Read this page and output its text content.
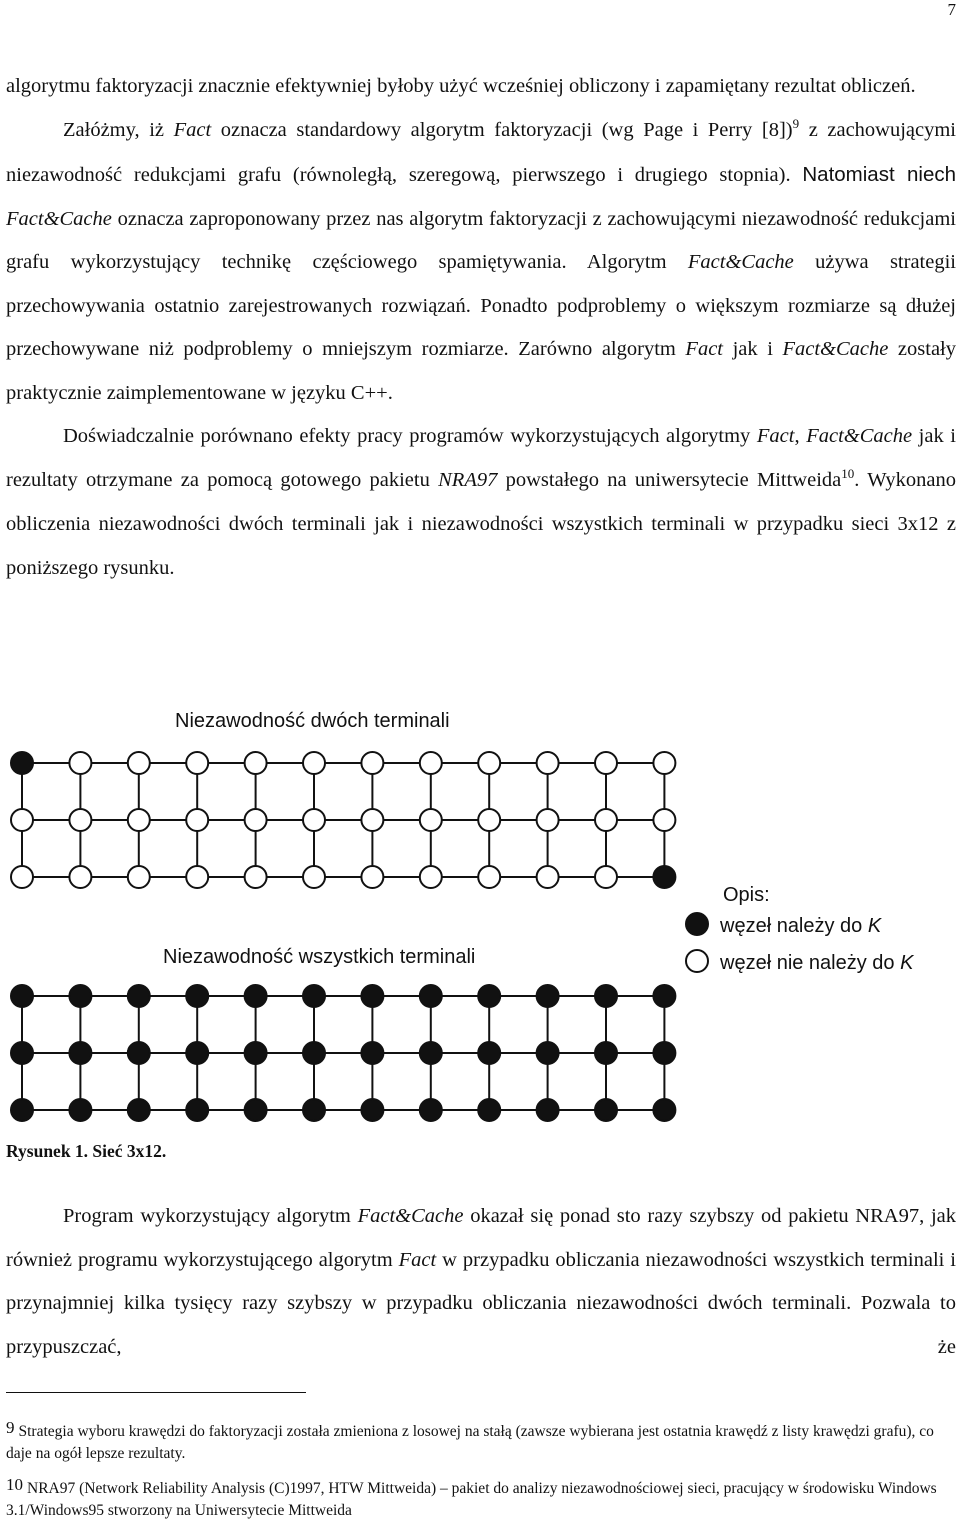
7

algorytmu faktoryzacji znacznie efektywniej byłoby użyć wcześniej obliczony i zapamiętany rezultat obliczeń.

Załóżmy, iż Fact oznacza standardowy algorytm faktoryzacji (wg Page i Perry [8])$^9$ z zachowującymi niezawodność redukcjami grafu (równoległą, szeregową, pierwszego i drugiego stopnia). Natomiast niech Fact&Cache oznacza zaproponowany przez nas algorytm faktoryzacji z zachowującymi niezawodność redukcjami grafu wykorzystujący technikę częściowego spamiętywania. Algorytm Fact&Cache używa strategii przechowywania ostatnio zarejestrowanych rozwiązań. Ponadto podproblemy o większym rozmiarze są dłużej przechowywane niż podproblemy o mniejszym rozmiarze. Zarówno algorytm Fact jak i Fact&Cache zostały praktycznie zaimplementowane w języku C++.

Doświadczalnie porównano efekty pracy programów wykorzystujących algorytmy Fact, Fact&Cache jak i rezultaty otrzymane za pomocą gotowego pakietu NRA97 powstałego na uniwersytecie Mittweida$^{10}$. Wykonano obliczenia niezawodności dwóch terminali jak i niezawodności wszystkich terminali w przypadku sieci 3x12 z poniższego rysunku.

Niezawodność dwóch terminali
Niezawodność wszystkich terminali
Opis:
węzeł należy do K
węzeł nie należy do K

Rysunek 1. Sieć 3x12.

Program wykorzystujący algorytm Fact&Cache okazał się ponad sto razy szybszy od pakietu NRA97, jak również programu wykorzystującego algorytm Fact w przypadku obliczania niezawodności wszystkich terminali i przynajmniej kilka tysięcy razy szybszy w przypadku obliczania niezawodności dwóch terminali. Pozwala to przypuszczać, że

9 Strategia wyboru krawędzi do faktoryzacji została zmieniona z losowej na stałą (zawsze wybierana jest ostatnia krawędź z listy krawędzi grafu), co daje na ogół lepsze rezultaty.
10 NRA97 (Network Reliability Analysis (C)1997, HTW Mittweida) – pakiet do analizy niezawodnościowej sieci, pracujący w środowisku Windows 3.1/Windows95 stworzony na Uniwersytecie Mittweida
